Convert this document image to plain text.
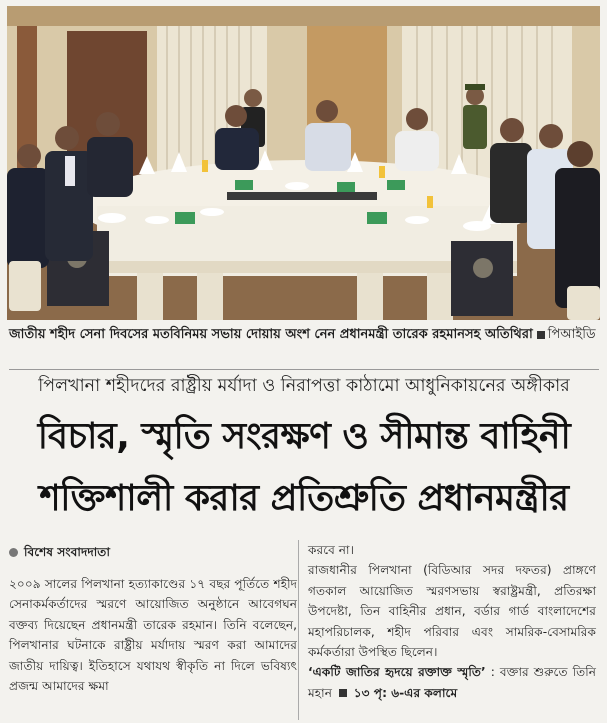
জাতীয় শহীদ সেনা দিবসের মতবিনিময় সভায় দোয়ায় অংশ নেন প্রধানমন্ত্রী তারেক রহমানসহ অতিথিরা পিআইডি
পিলখানা শহীদদের রাষ্ট্রীয় মর্যাদা ও নিরাপত্তা কাঠামো আধুনিকায়নের অঙ্গীকার
বিচার, স্মৃতি সংরক্ষণ ও সীমান্ত বাহিনী
শক্তিশালী করার প্রতিশ্রুতি প্রধানমন্ত্রীর
বিশেষ সংবাদদাতা

২০০৯ সালের পিলখানা হত্যাকাণ্ডের ১৭ বছর পূর্তিতে শহীদ সেনাকর্মকর্তাদের স্মরণে আয়োজিত অনুষ্ঠানে আবেগঘন বক্তব্য দিয়েছেন প্রধানমন্ত্রী তারেক রহমান। তিনি বলেছেন, পিলখানার ঘটনাকে রাষ্ট্রীয় মর্যাদায় স্মরণ করা আমাদের জাতীয় দায়িত্ব। ইতিহাসে যথাযথ স্বীকৃতি না দিলে ভবিষ্যৎ প্রজন্ম আমাদের ক্ষমা

করবে না।

রাজধানীর পিলখানা (বিডিআর সদর দফতর) প্রাঙ্গণে গতকাল আয়োজিত স্মরণসভায় স্বরাষ্ট্রমন্ত্রী, প্রতিরক্ষা উপদেষ্টা, তিন বাহিনীর প্রধান, বর্ডার গার্ড বাংলাদেশের মহাপরিচালক, শহীদ পরিবার এবং সামরিক-বেসামরিক কর্মকর্তারা উপস্থিত ছিলেন।

‘একটি জাতির হৃদয়ে রক্তাক্ত স্মৃতি’ : বক্তার শুরুতে তিনি মহান ১৩ পৃ: ৬-এর কলামে
